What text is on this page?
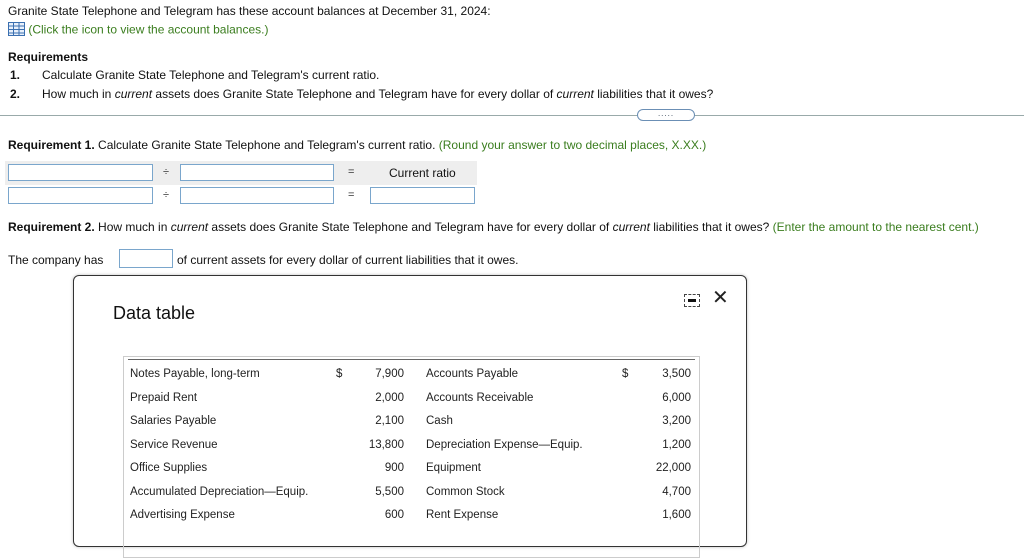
Granite State Telephone and Telegram has these account balances at December 31, 2024:
(Click the icon to view the account balances.)
Requirements
1. Calculate Granite State Telephone and Telegram's current ratio.
2. How much in current assets does Granite State Telephone and Telegram have for every dollar of current liabilities that it owes?
.....
Requirement 1. Calculate Granite State Telephone and Telegram's current ratio. (Round your answer to two decimal places, X.XX.)
÷	=	Current ratio
÷	=
Requirement 2. How much in current assets does Granite State Telephone and Telegram have for every dollar of current liabilities that it owes? (Enter the amount to the nearest cent.)
The company has	of current assets for every dollar of current liabilities that it owes.
Data table
✕
Notes Payable, long-term	$	7,900 Accounts Payable	$	3,500
Prepaid Rent	2,000 Accounts Receivable	6,000
Salaries Payable	2,100 Cash	3,200
Service Revenue	13,800 Depreciation Expense—Equip.	1,200
Office Supplies	900 Equipment	22,000
Accumulated Depreciation—Equip.	5,500 Common Stock	4,700
Advertising Expense	600 Rent Expense	1,600
